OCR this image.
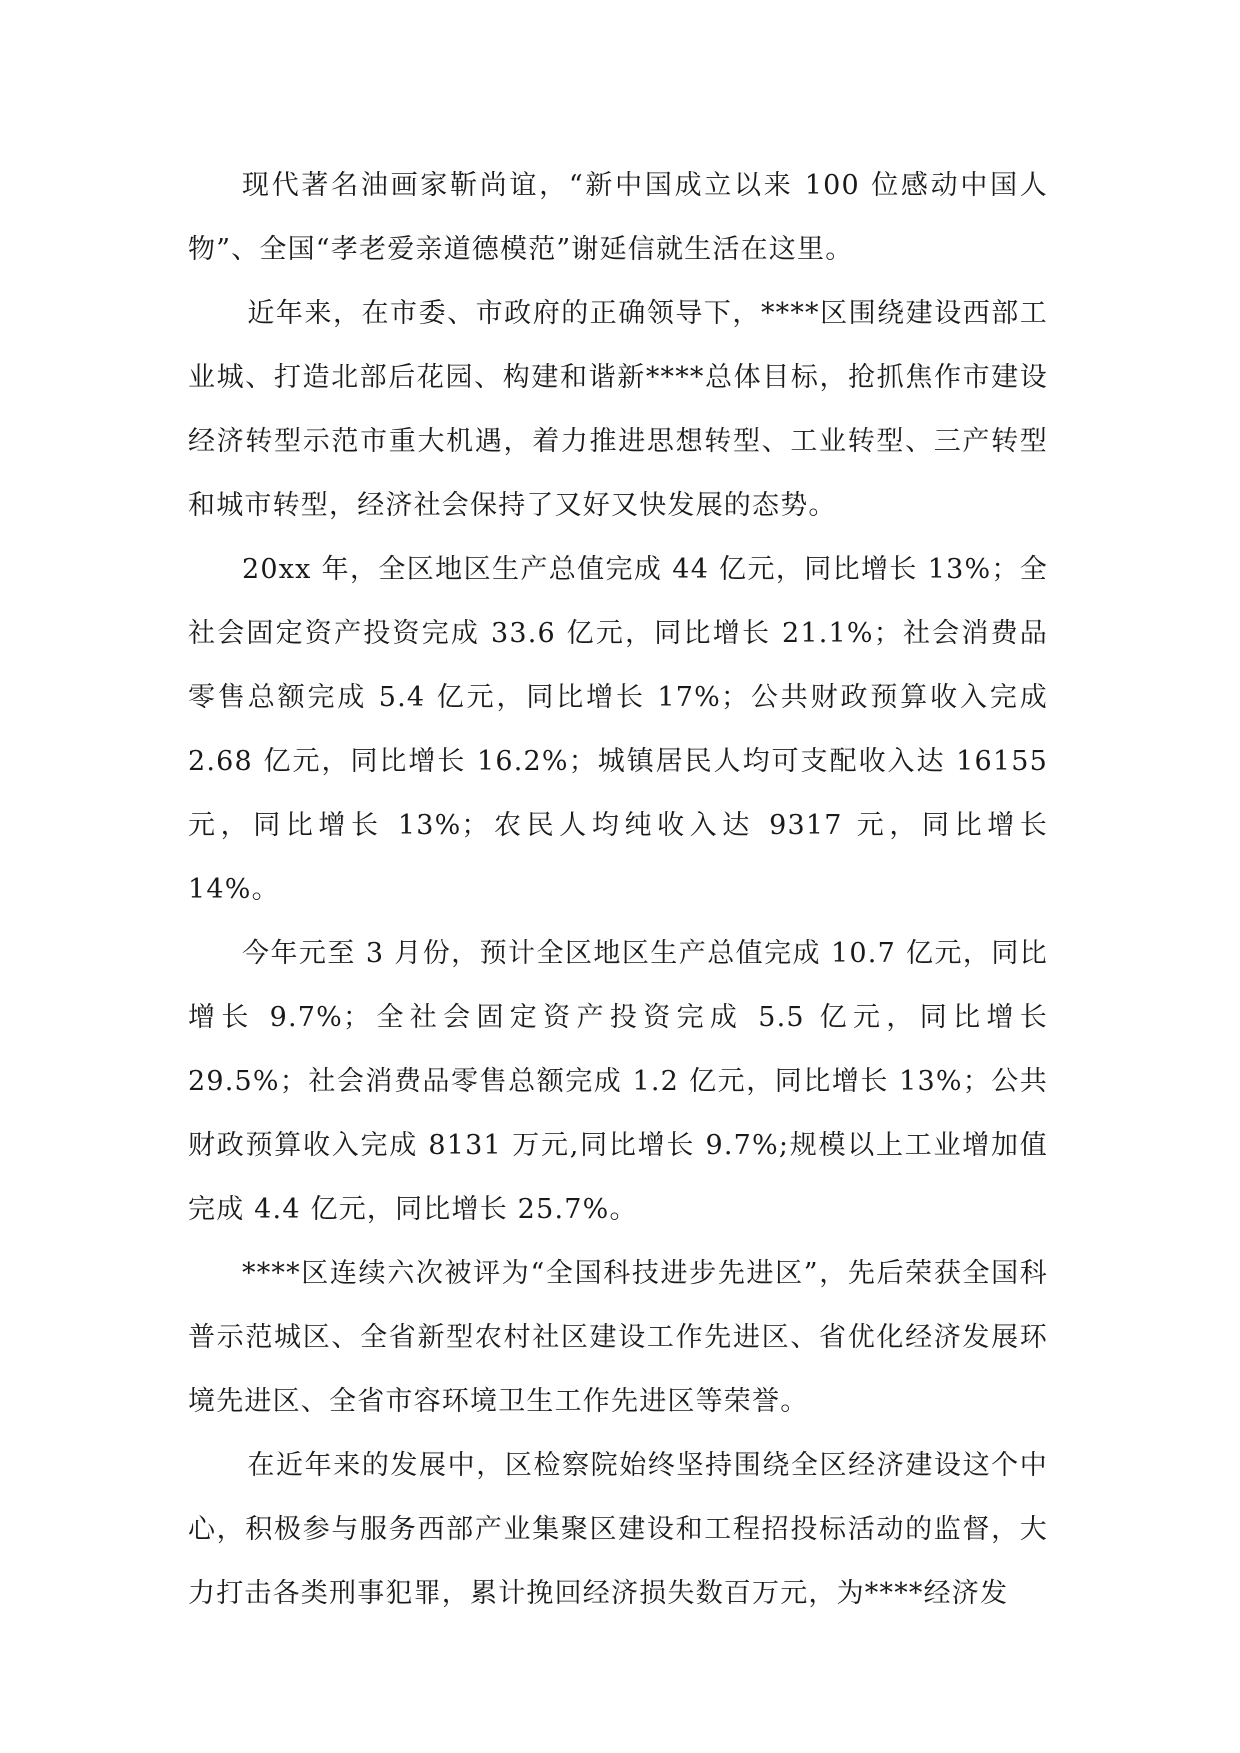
现代著名油画家靳尚谊，“新中国成立以来 100 位感动中国人物”、全国“孝老爱亲道德模范”谢延信就生活在这里。

近年来，在市委、市政府的正确领导下，****区围绕建设西部工业城、打造北部后花园、构建和谐新****总体目标，抢抓焦作市建设经济转型示范市重大机遇，着力推进思想转型、工业转型、三产转型和城市转型，经济社会保持了又好又快发展的态势。

20xx 年，全区地区生产总值完成 44 亿元，同比增长 13%；全社会固定资产投资完成 33.6 亿元，同比增长 21.1%；社会消费品零售总额完成 5.4 亿元，同比增长 17%；公共财政预算收入完成 2.68 亿元，同比增长 16.2%；城镇居民人均可支配收入达 16155 元，同比增长 13%；农民人均纯收入达 9317 元，同比增长 14%。

今年元至 3 月份，预计全区地区生产总值完成 10.7 亿元，同比增长 9.7%；全社会固定资产投资完成 5.5 亿元，同比增长 29.5%；社会消费品零售总额完成 1.2 亿元，同比增长 13%；公共财政预算收入完成 8131 万元,同比增长 9.7%;规模以上工业增加值完成 4.4 亿元，同比增长 25.7%。

****区连续六次被评为“全国科技进步先进区”，先后荣获全国科普示范城区、全省新型农村社区建设工作先进区、省优化经济发展环境先进区、全省市容环境卫生工作先进区等荣誉。

在近年来的发展中，区检察院始终坚持围绕全区经济建设这个中心，积极参与服务西部产业集聚区建设和工程招投标活动的监督，大力打击各类刑事犯罪，累计挽回经济损失数百万元，为****经济发
